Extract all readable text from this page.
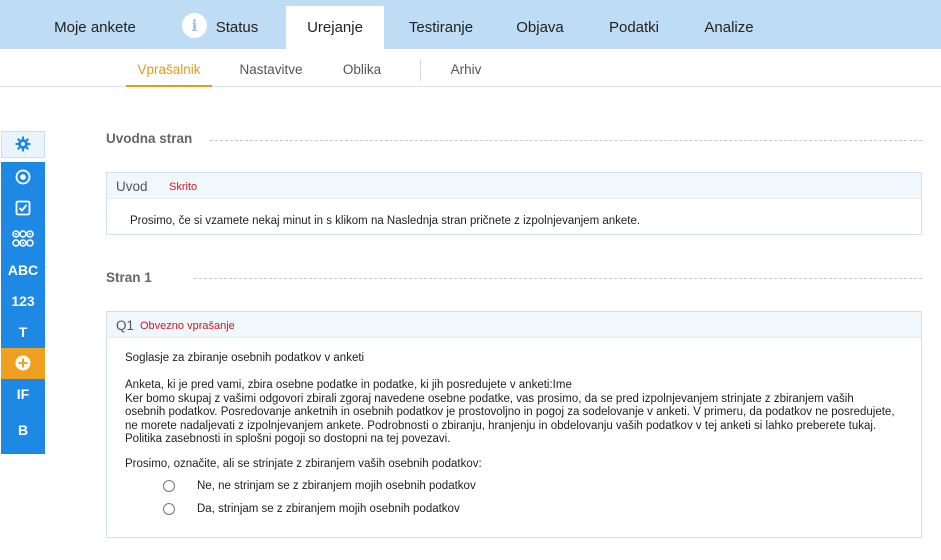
Moje ankete	i	Status	Urejanje	Testiranje	Objava	Podatki	Analize
Vprašalnik	Nastavitve	Oblika	Arhiv
ABC
123
T
IF
B
Uvodna stran
Uvod Skrito
Prosimo, če si vzamete nekaj minut in s klikom na Naslednja stran pričnete z izpolnjevanjem ankete.
Stran 1
Q1 Obvezno vprašanje
Soglasje za zbiranje osebnih podatkov v anketi
Anketa, ki je pred vami, zbira osebne podatke in podatke, ki jih posredujete v anketi:Ime
Ker bomo skupaj z vašimi odgovori zbirali zgoraj navedene osebne podatke, vas prosimo, da se pred izpolnjevanjem strinjate z zbiranjem vaših osebnih podatkov. Posredovanje anketnih in osebnih podatkov je prostovoljno in pogoj za sodelovanje v anketi. V primeru, da podatkov ne posredujete, ne morete nadaljevati z izpolnjevanjem ankete. Podrobnosti o zbiranju, hranjenju in obdelovanju vaših podatkov v tej anketi si lahko preberete tukaj. Politika zasebnosti in splošni pogoji so dostopni na tej povezavi.
Prosimo, označite, ali se strinjate z zbiranjem vaših osebnih podatkov:
Ne, ne strinjam se z zbiranjem mojih osebnih podatkov
Da, strinjam se z zbiranjem mojih osebnih podatkov
